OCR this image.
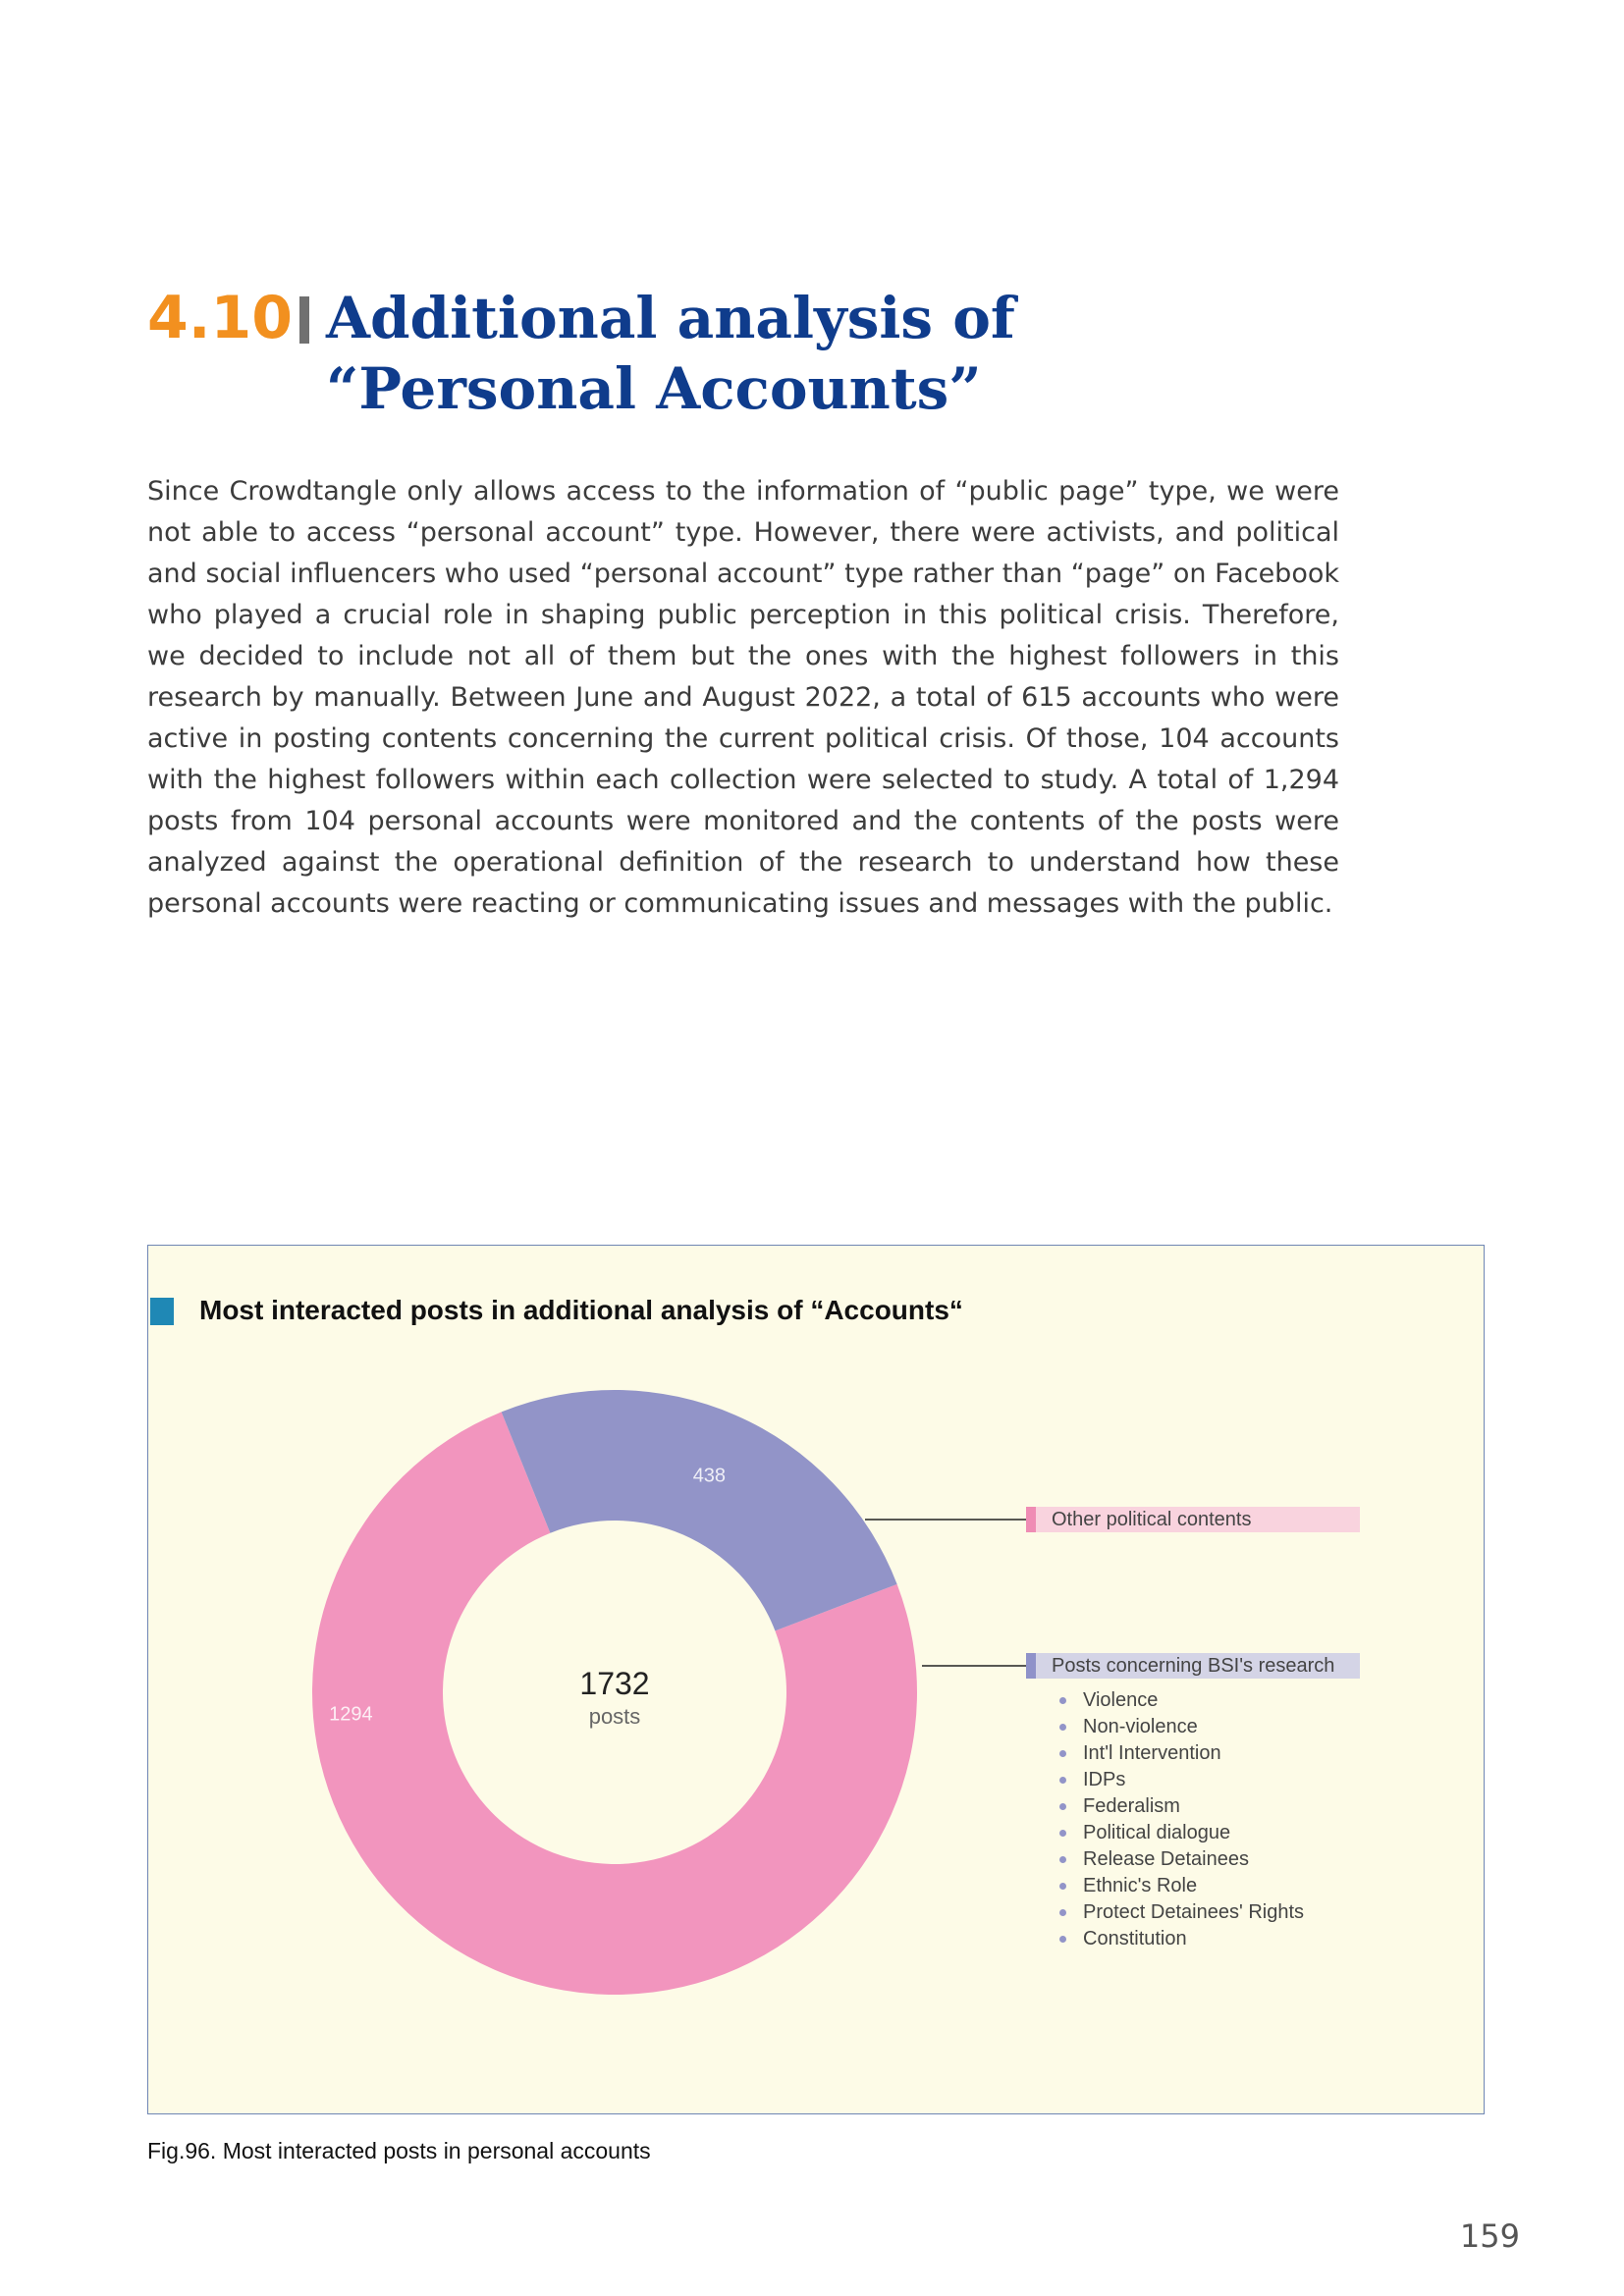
4.10 Additional analysis of
“Personal Accounts”

Since Crowdtangle only allows access to the information of “public page” type, we were not able to access “personal account” type. However, there were activists, and political and social influencers who used “personal account” type rather than “page” on Facebook who played a crucial role in shaping public perception in this political crisis. Therefore, we decided to include not all of them but the ones with the highest followers in this research by manually. Between June and August 2022, a total of 615 accounts who were active in posting contents concerning the current political crisis. Of those, 104 accounts with the highest followers within each collection were selected to study. A total of 1,294 posts from 104 personal accounts were monitored and the contents of the posts were analyzed against the operational definition of the research to understand how these personal accounts were reacting or communicating issues and messages with the public.

Most interacted posts in additional analysis of “Accounts“
1294
438
1732
posts
Other political contents
Posts concerning BSI's research
Violence
Non-violence
Int'l Intervention
IDPs
Federalism
Political dialogue
Release Detainees
Ethnic's Role
Protect Detainees' Rights
Constitution
Fig.96. Most interacted posts in personal accounts
159
